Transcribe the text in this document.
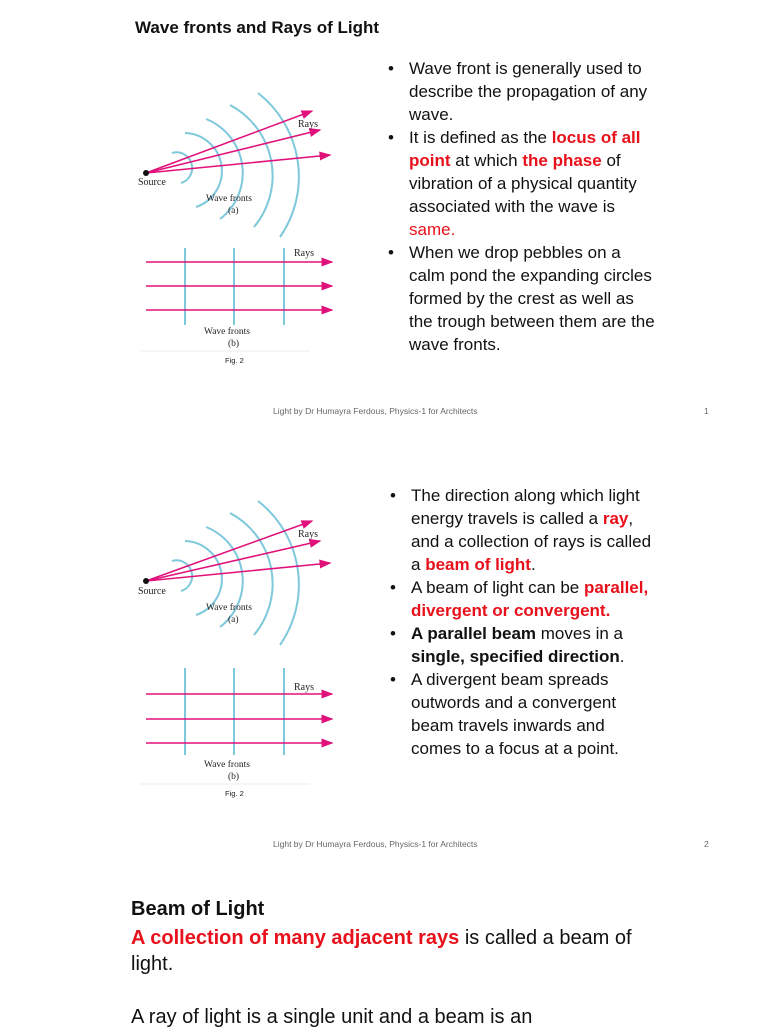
Wave fronts and Rays of Light
Rays
Source
Wave fronts
(a)
Rays
Wave fronts
(b)
Fig. 2
• Wave front is generally used to describe the propagation of any wave.
• It is defined as the locus of all point at which the phase of vibration of a physical quantity associated with the wave is same.
• When we drop pebbles on a calm pond the expanding circles formed by the crest as well as the trough between them are the wave fronts.
Light by Dr Humayra Ferdous, Physics-1 for Architects	1
Rays
Source
Wave fronts
(a)
Rays
Wave fronts
(b)
Fig. 2
• The direction along which light energy travels is called a ray, and a collection of rays is called a beam of light.
• A beam of light can be parallel, divergent or convergent.
• A parallel beam moves in a single, specified direction.
• A divergent beam spreads outwords and a convergent beam travels inwards and comes to a focus at a point.
Light by Dr Humayra Ferdous, Physics-1 for Architects	2
Beam of Light
A collection of many adjacent rays is called a beam of light.
A ray of light is a single unit and a beam is an
